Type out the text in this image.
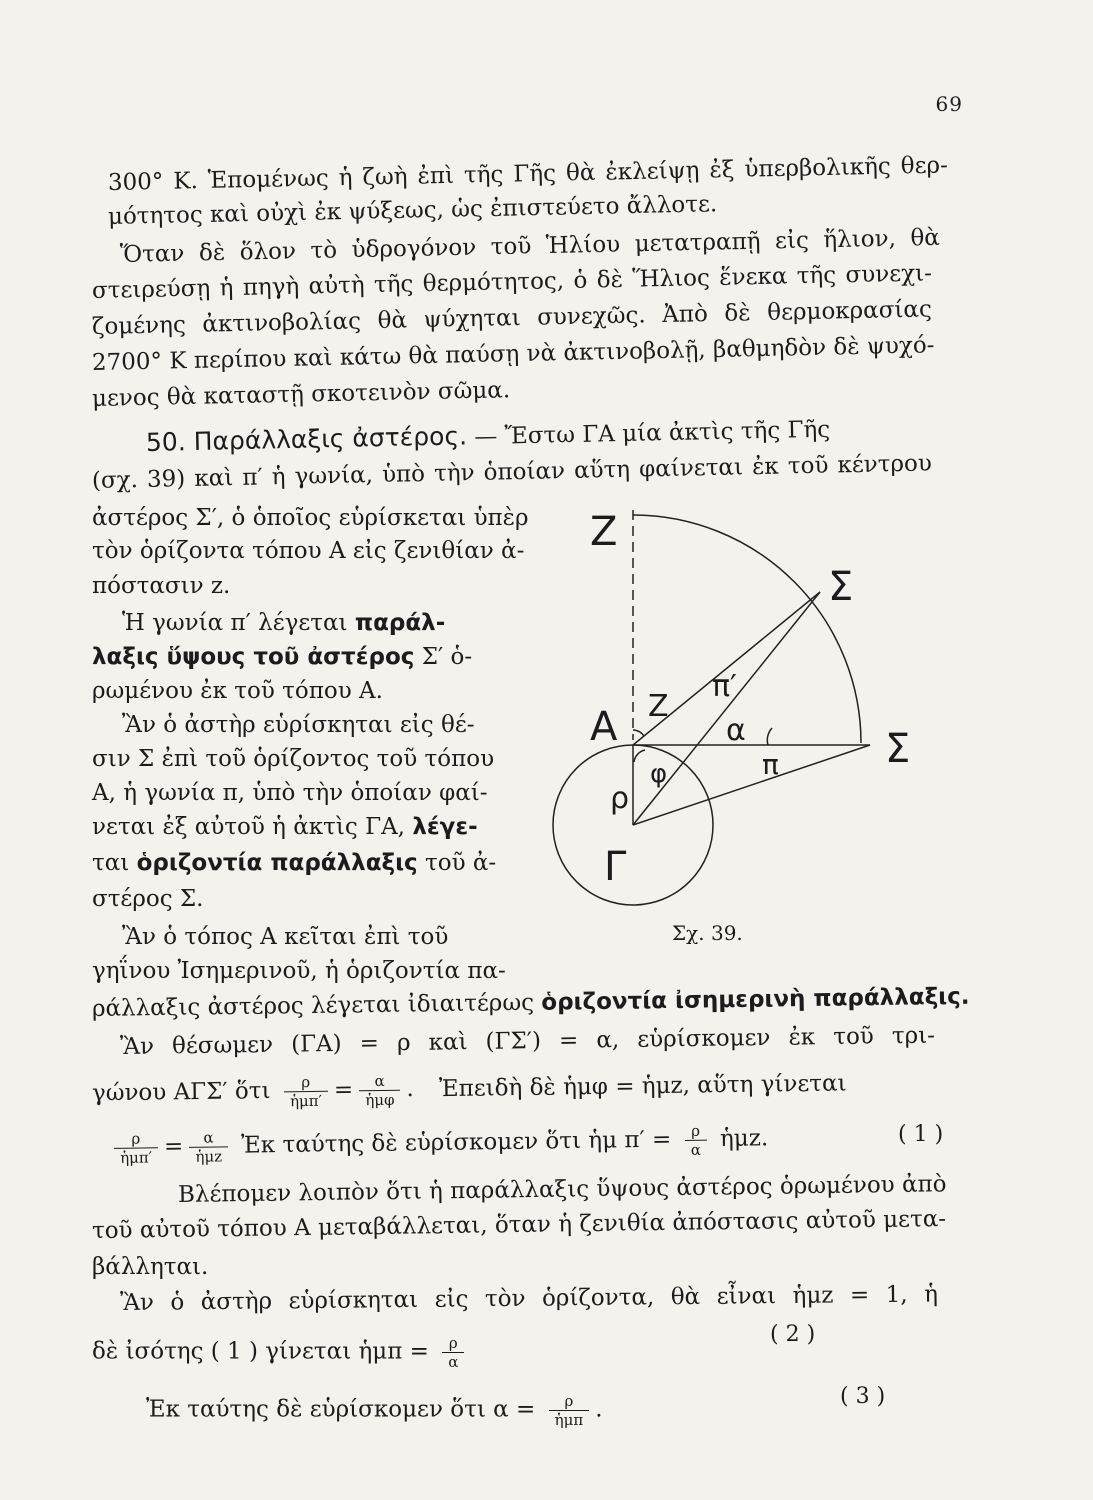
69
300° Κ. Ἑπομένως ἡ ζωὴ ἐπὶ τῆς Γῆς θὰ ἐκλείψῃ ἐξ ὑπερβολικῆς θερ-
μότητος καὶ οὐχὶ ἐκ ψύξεως, ὡς ἐπιστεύετο ἄλλοτε.
Ὅταν δὲ ὅλον τὸ ὑδρογόνον τοῦ Ἡλίου μετατραπῇ εἰς ἥλιον, θὰ
στειρεύσῃ ἡ πηγὴ αὐτὴ τῆς θερμότητος, ὁ δὲ Ἥλιος ἕνεκα τῆς συνεχι-
ζομένης ἀκτινοβολίας θὰ ψύχηται συνεχῶς. Ἀπὸ δὲ θερμοκρασίας
2700° Κ περίπου καὶ κάτω θὰ παύσῃ νὰ ἀκτινοβολῇ, βαθμηδὸν δὲ ψυχό-
μενος θὰ καταστῇ σκοτεινὸν σῶμα.
50. Παράλλαξις ἀστέρος. — Ἔστω ΓΑ μία ἀκτὶς τῆς Γῆς
(σχ. 39) καὶ π′ ἡ γωνία, ὑπὸ τὴν ὁποίαν αὕτη φαίνεται ἐκ τοῦ κέντρου
ἀστέρος Σ′, ὁ ὁποῖος εὑρίσκεται ὑπὲρ
τὸν ὁρίζοντα τόπου Α εἰς ζενιθίαν ἀ-
πόστασιν z.
Ἡ γωνία π′ λέγεται παράλ-
λαξις ὕψους τοῦ ἀστέρος Σ′ ὁ-
ρωμένου ἐκ τοῦ τόπου Α.
Ἂν ὁ ἀστὴρ εὑρίσκηται εἰς θέ-
σιν Σ ἐπὶ τοῦ ὁρίζοντος τοῦ τόπου
Α, ἡ γωνία π, ὑπὸ τὴν ὁποίαν φαί-
νεται ἐξ αὐτοῦ ἡ ἀκτὶς ΓΑ, λέγε-
ται ὁριζοντία παράλλαξις τοῦ ἀ-
στέρος Σ.
Ἂν ὁ τόπος Α κεῖται ἐπὶ τοῦ
γηΐνου Ἰσημερινοῦ, ἡ ὁριζοντία πα-
ράλλαξις ἀστέρος λέγεται ἰδιαιτέρως ὁριζοντία ἰσημερινὴ παράλλαξις.
Ἂν θέσωμεν (ΓΑ) = ρ καὶ (ΓΣ′) = α, εὑρίσκομεν ἐκ τοῦ τρι-
γώνου ΑΓΣ′ ὅτι $\frac{\rho}{\text{ἡμπ′}} = \frac{\alpha}{\text{ἡμφ}}$ . Ἐπειδὴ δὲ ἡμφ = ἡμz, αὕτη γίνεται
$\frac{\rho}{\text{ἡμπ′}} = \frac{\alpha}{\text{ἡμz}}$ Ἐκ ταύτης δὲ εὑρίσκομεν ὅτι ἡμ $\pi' = \frac{\rho}{\alpha}$ ἡμz.	( 1 )
Βλέπομεν λοιπὸν ὅτι ἡ παράλλαξις ὕψους ἀστέρος ὁρωμένου ἀπὸ
τοῦ αὐτοῦ τόπου Α μεταβάλλεται, ὅταν ἡ ζενιθία ἀπόστασις αὐτοῦ μετα-
βάλληται.
Ἂν ὁ ἀστὴρ εὑρίσκηται εἰς τὸν ὁρίζοντα, θὰ εἶναι ἡμz = 1, ἡ
δὲ ἰσότης ( 1 ) γίνεται ἡμπ = $\frac{\rho}{\alpha}$	( 2 )
Ἐκ ταύτης δὲ εὑρίσκομεν ὅτι $\alpha = \frac{\rho}{\text{ἡμπ}}$ .	( 3 )
Z
Σ
Σ
A
Γ
ρ
Z
π′
α
π
φ
Σχ. 39.
